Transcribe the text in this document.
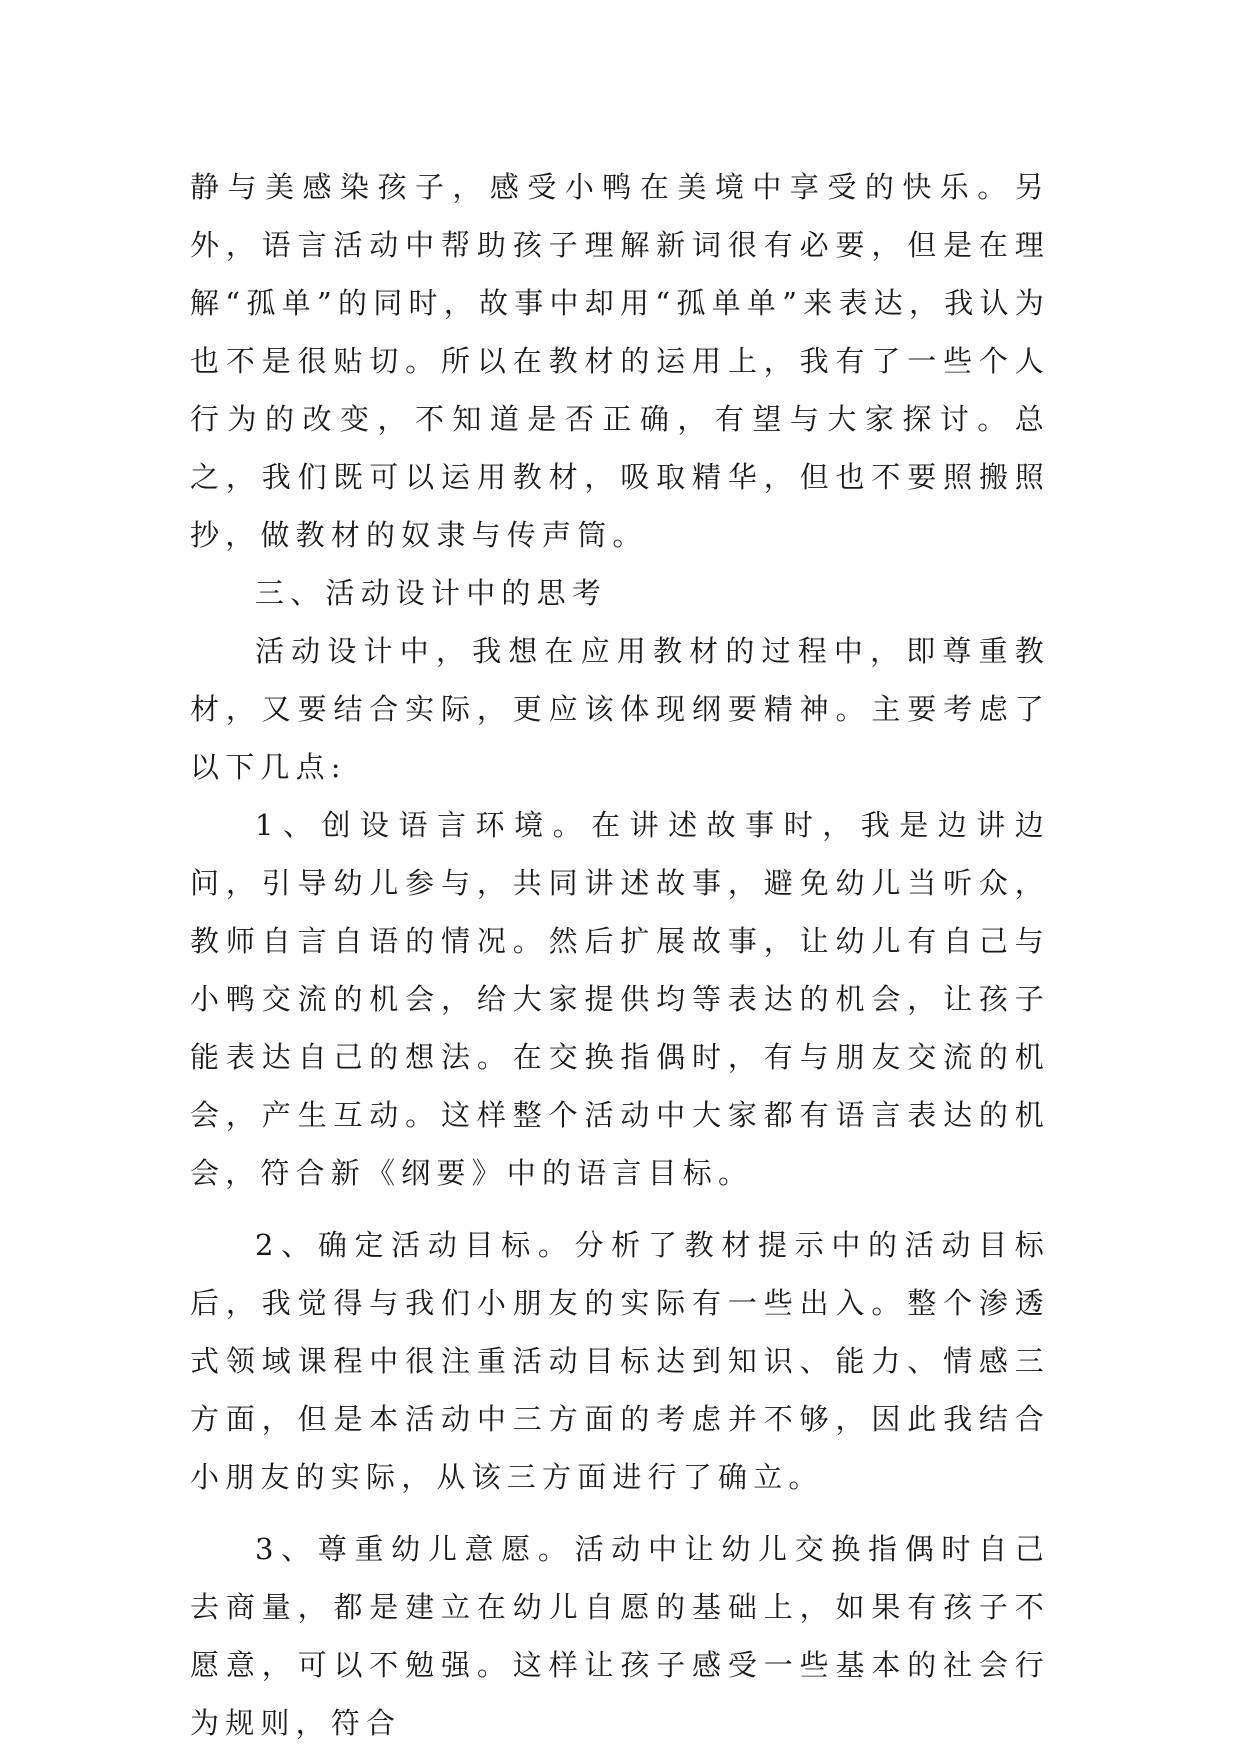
静与美感染孩子，感受小鸭在美境中享受的快乐。另外，语言活动中帮助孩子理解新词很有必要，但是在理解“孤单”的同时，故事中却用“孤单单”来表达，我认为也不是很贴切。所以在教材的运用上，我有了一些个人行为的改变，不知道是否正确，有望与大家探讨。总之，我们既可以运用教材，吸取精华，但也不要照搬照抄，做教材的奴隶与传声筒。

三、活动设计中的思考

活动设计中，我想在应用教材的过程中，即尊重教材，又要结合实际，更应该体现纲要精神。主要考虑了以下几点:

1、创设语言环境。在讲述故事时，我是边讲边问，引导幼儿参与，共同讲述故事，避免幼儿当听众，教师自言自语的情况。然后扩展故事，让幼儿有自己与小鸭交流的机会，给大家提供均等表达的机会，让孩子能表达自己的想法。在交换指偶时，有与朋友交流的机会，产生互动。这样整个活动中大家都有语言表达的机会，符合新《纲要》中的语言目标。

2、确定活动目标。分析了教材提示中的活动目标后，我觉得与我们小朋友的实际有一些出入。整个渗透式领域课程中很注重活动目标达到知识、能力、情感三方面，但是本活动中三方面的考虑并不够，因此我结合小朋友的实际，从该三方面进行了确立。

3、尊重幼儿意愿。活动中让幼儿交换指偶时自己去商量，都是建立在幼儿自愿的基础上，如果有孩子不愿意，可以不勉强。这样让孩子感受一些基本的社会行为规则，符合
